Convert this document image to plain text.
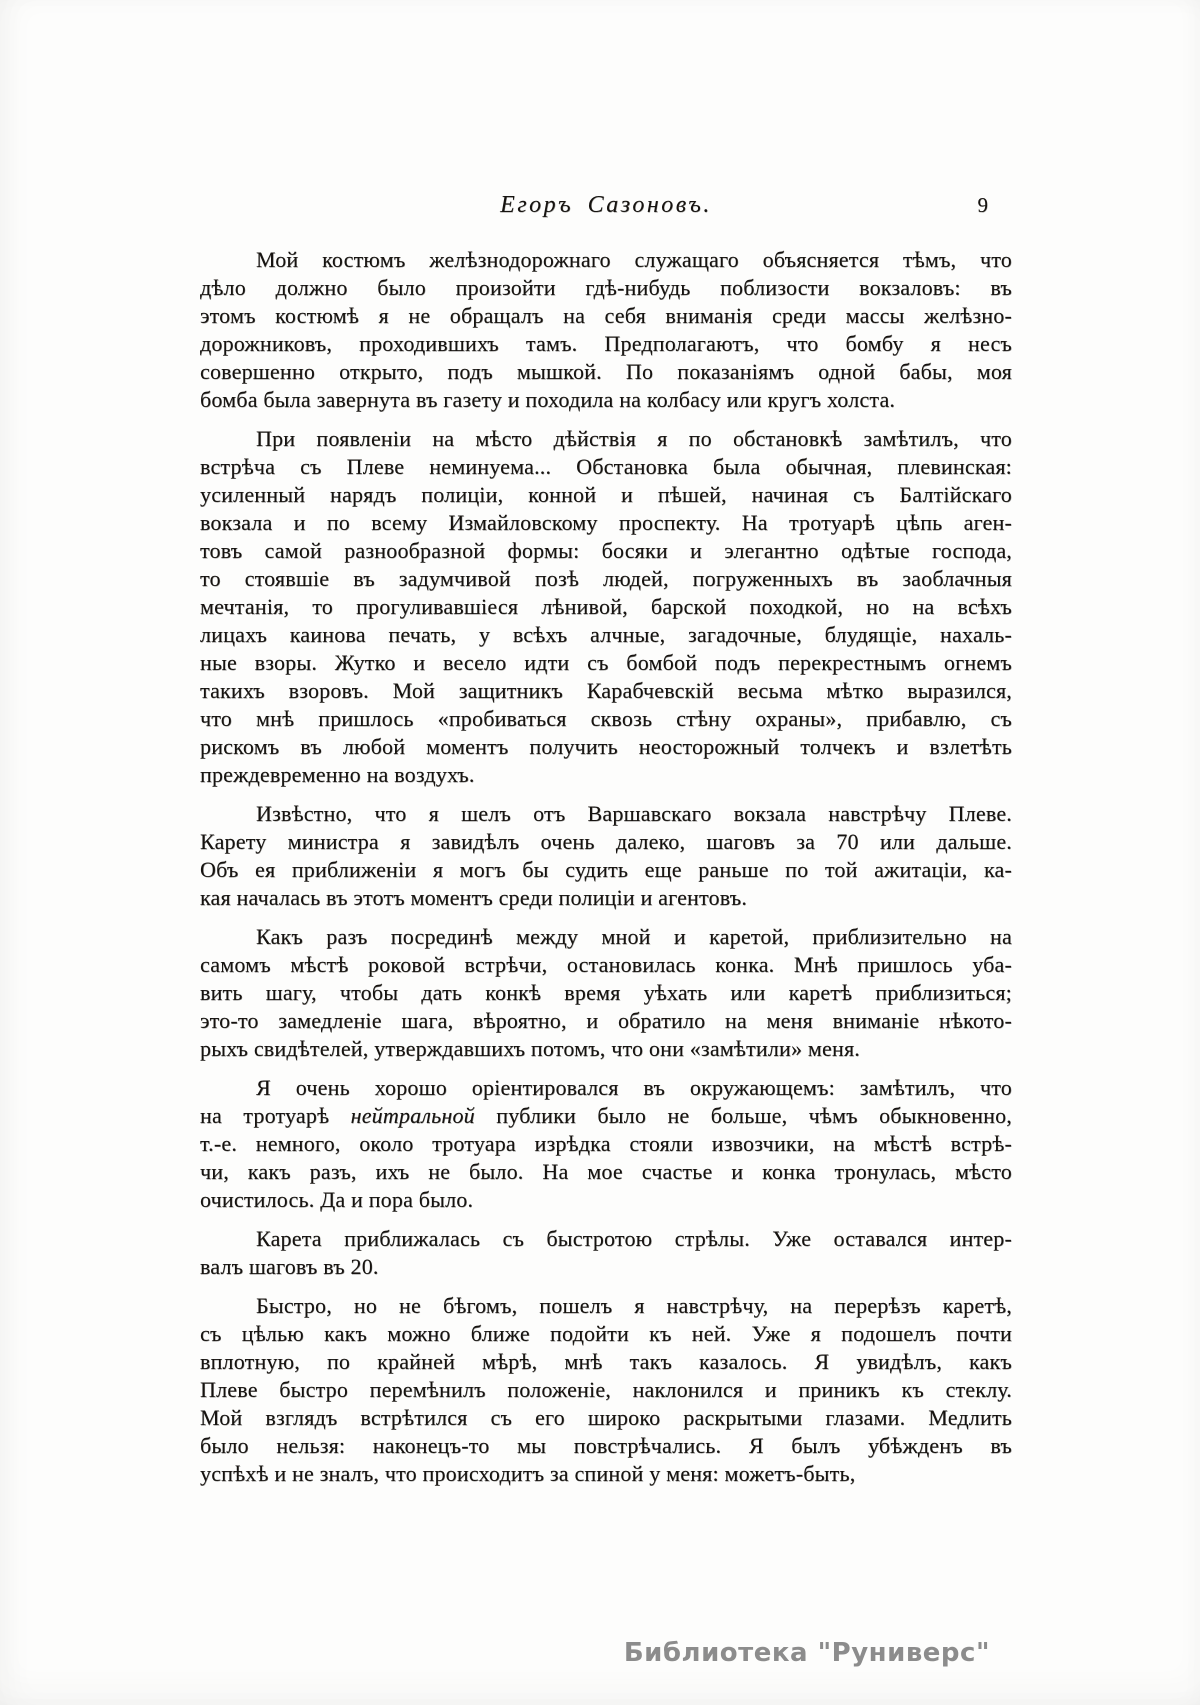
Егоръ Сазоновъ.	9
Мой костюмъ желѣзнодорожнаго служащаго объясняется тѣмъ, что
дѣло должно было произойти гдѣ-нибудь поблизости вокзаловъ: въ
этомъ костюмѣ я не обращалъ на себя вниманія среди массы желѣзно-
дорожниковъ, проходившихъ тамъ. Предполагаютъ, что бомбу я несъ
совершенно открыто, подъ мышкой. По показаніямъ одной бабы, моя
бомба была завернута въ газету и походила на колбасу или кругъ холста.
При появленіи на мѣсто дѣйствія я по обстановкѣ замѣтилъ, что
встрѣча съ Плеве неминуема... Обстановка была обычная, плевинская:
усиленный нарядъ полиціи, конной и пѣшей, начиная съ Балтійскаго
вокзала и по всему Измайловскому проспекту. На тротуарѣ цѣпь аген-
товъ самой разнообразной формы: босяки и элегантно одѣтые господа,
то стоявшіе въ задумчивой позѣ людей, погруженныхъ въ заоблачныя
мечтанія, то прогуливавшіеся лѣнивой, барской походкой, но на всѣхъ
лицахъ каинова печать, у всѣхъ алчные, загадочные, блудящіе, нахаль-
ные взоры. Жутко и весело идти съ бомбой подъ перекрестнымъ огнемъ
такихъ взоровъ. Мой защитникъ Карабчевскій весьма мѣтко выразился,
что мнѣ пришлось «пробиваться сквозь стѣну охраны», прибавлю, съ
рискомъ въ любой моментъ получить неосторожный толчекъ и взлетѣть
преждевременно на воздухъ.
Извѣстно, что я шелъ отъ Варшавскаго вокзала навстрѣчу Плеве.
Карету министра я завидѣлъ очень далеко, шаговъ за 70 или дальше.
Объ ея приближеніи я могъ бы судить еще раньше по той ажитаціи, ка-
кая началась въ этотъ моментъ среди полиціи и агентовъ.
Какъ разъ посрединѣ между мной и каретой, приблизительно на
самомъ мѣстѣ роковой встрѣчи, остановилась конка. Мнѣ пришлось уба-
вить шагу, чтобы дать конкѣ время уѣхать или каретѣ приблизиться;
это-то замедленіе шага, вѣроятно, и обратило на меня вниманіе нѣкото-
рыхъ свидѣтелей, утверждавшихъ потомъ, что они «замѣтили» меня.
Я очень хорошо оріентировался въ окружающемъ: замѣтилъ, что
на тротуарѣ нейтральной публики было не больше, чѣмъ обыкновенно,
т.-е. немного, около тротуара изрѣдка стояли извозчики, на мѣстѣ встрѣ-
чи, какъ разъ, ихъ не было. На мое счастье и конка тронулась, мѣсто
очистилось. Да и пора было.
Карета приближалась съ быстротою стрѣлы. Уже оставался интер-
валъ шаговъ въ 20.
Быстро, но не бѣгомъ, пошелъ я навстрѣчу, на перерѣзъ каретѣ,
съ цѣлью какъ можно ближе подойти къ ней. Уже я подошелъ почти
вплотную, по крайней мѣрѣ, мнѣ такъ казалось. Я увидѣлъ, какъ
Плеве быстро перемѣнилъ положеніе, наклонился и приникъ къ стеклу.
Мой взглядъ встрѣтился съ его широко раскрытыми глазами. Медлить
было нельзя: наконецъ-то мы повстрѣчались. Я былъ убѣжденъ въ
успѣхѣ и не зналъ, что происходитъ за спиной у меня: можетъ-быть,
Библиотека "Руниверс"
